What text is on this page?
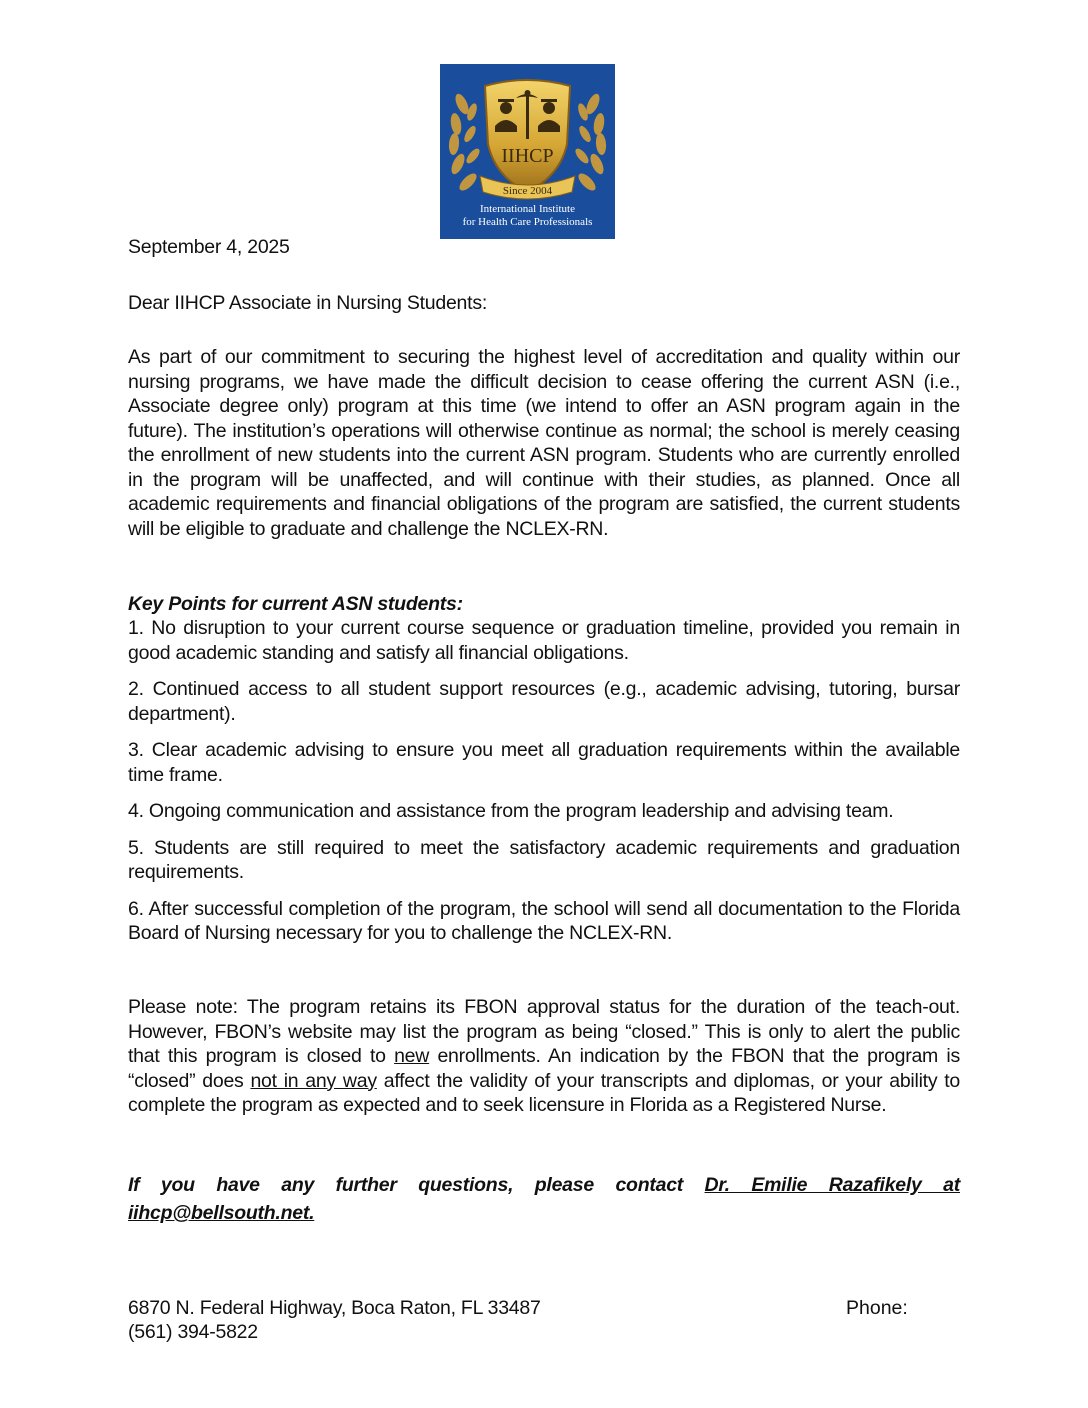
IIHCP
Since 2004
International Institute
for Health Care Professionals
September 4, 2025
Dear IIHCP Associate in Nursing Students:
As part of our commitment to securing the highest level of accreditation and quality within our nursing programs, we have made the difficult decision to cease offering the current ASN (i.e., Associate degree only) program at this time (we intend to offer an ASN program again in the future). The institution’s operations will otherwise continue as normal; the school is merely ceasing the enrollment of new students into the current ASN program. Students who are currently enrolled in the program will be unaffected, and will continue with their studies, as planned. Once all academic requirements and financial obligations of the program are satisfied, the current students will be eligible to graduate and challenge the NCLEX-RN.
Key Points for current ASN students:
1. No disruption to your current course sequence or graduation timeline, provided you remain in good academic standing and satisfy all financial obligations.
2. Continued access to all student support resources (e.g., academic advising, tutoring, bursar department).
3. Clear academic advising to ensure you meet all graduation requirements within the available time frame.
4. Ongoing communication and assistance from the program leadership and advising team.
5. Students are still required to meet the satisfactory academic requirements and graduation requirements.
6. After successful completion of the program, the school will send all documentation to the Florida Board of Nursing necessary for you to challenge the NCLEX-RN.
Please note: The program retains its FBON approval status for the duration of the teach-out. However, FBON’s website may list the program as being “closed.” This is only to alert the public that this program is closed to new enrollments. An indication by the FBON that the program is “closed” does not in any way affect the validity of your transcripts and diplomas, or your ability to complete the program as expected and to seek licensure in Florida as a Registered Nurse.
If you have any further questions, please contact Dr. Emilie Razafikely at iihcp@bellsouth.net.
6870 N. Federal Highway, Boca Raton, FL 33487	Phone:
(561) 394-5822
